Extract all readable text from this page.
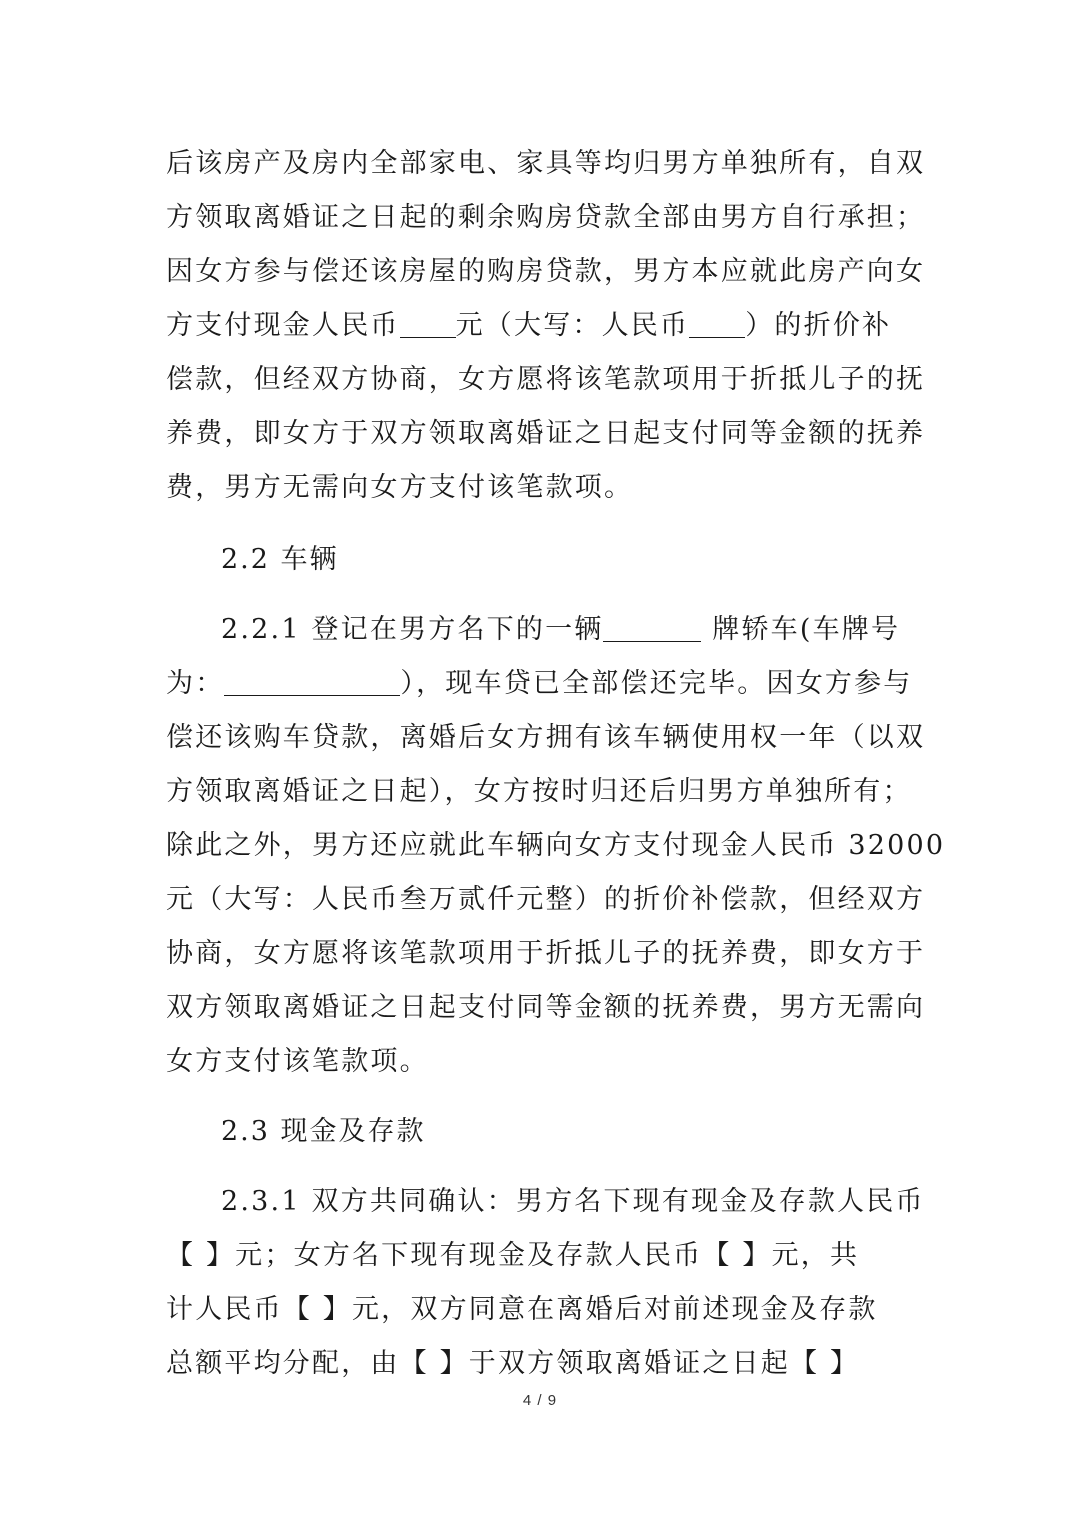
后该房产及房内全部家电、家具等均归男方单独所有，自双
方领取离婚证之日起的剩余购房贷款全部由男方自行承担；
因女方参与偿还该房屋的购房贷款，男方本应就此房产向女
方支付现金人民币 元（大写：人民币 ）的折价补
偿款，但经双方协商，女方愿将该笔款项用于折抵儿子的抚
养费，即女方于双方领取离婚证之日起支付同等金额的抚养
费，男方无需向女方支付该笔款项。
2.2 车辆
2.2.1 登记在男方名下的一辆	牌轿车(车牌号
为：	），现车贷已全部偿还完毕。因女方参与
偿还该购车贷款，离婚后女方拥有该车辆使用权一年（以双
方领取离婚证之日起），女方按时归还后归男方单独所有；
除此之外，男方还应就此车辆向女方支付现金人民币 32000
元（大写：人民币叁万贰仟元整）的折价补偿款，但经双方
协商，女方愿将该笔款项用于折抵儿子的抚养费，即女方于
双方领取离婚证之日起支付同等金额的抚养费，男方无需向
女方支付该笔款项。
2.3 现金及存款
2.3.1 双方共同确认：男方名下现有现金及存款人民币
【 】元；女方名下现有现金及存款人民币【 】元，共
计人民币【 】元，双方同意在离婚后对前述现金及存款
总额平均分配，由【 】于双方领取离婚证之日起【 】
4 / 9
